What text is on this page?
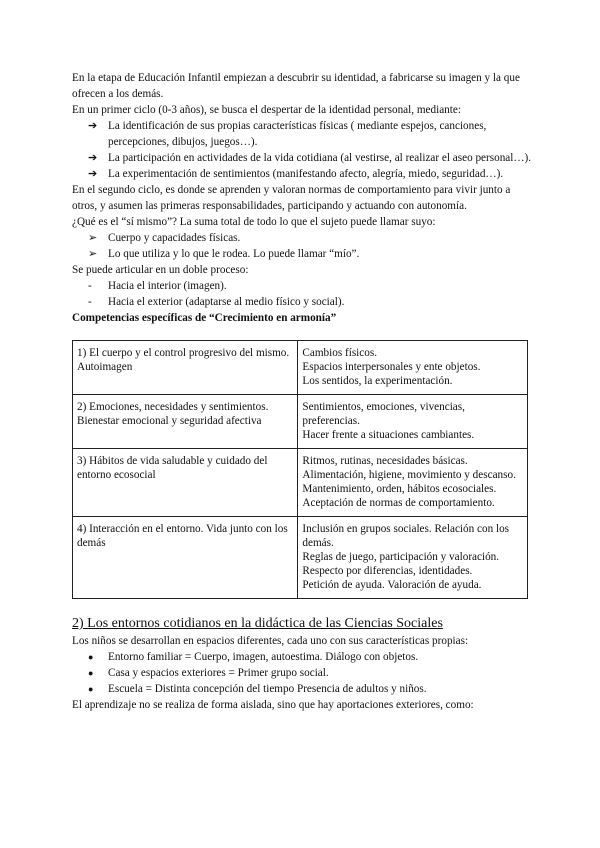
En la etapa de Educación Infantil empiezan a descubrir su identidad, a fabricarse su imagen y la que ofrecen a los demás.

En un primer ciclo (0-3 años), se busca el despertar de la identidad personal, mediante:

➔ La identificación de sus propias características físicas ( mediante espejos, canciones, percepciones, dibujos, juegos…).
➔ La participación en actividades de la vida cotidiana (al vestirse, al realizar el aseo personal…).
➔ La experimentación de sentimientos (manifestando afecto, alegría, miedo, seguridad…).

En el segundo ciclo, es donde se aprenden y valoran normas de comportamiento para vivir junto a otros, y asumen las primeras responsabilidades, participando y actuando con autonomía.

¿Qué es el “sí mismo”? La suma total de todo lo que el sujeto puede llamar suyo:

➢ Cuerpo y capacidades físicas.
➢ Lo que utiliza y lo que le rodea. Lo puede llamar “mío”.

Se puede articular en un doble proceso:

-	Hacia el interior (imagen).
-	Hacia el exterior (adaptarse al medio físico y social).

Competencias específicas de “Crecimiento en armonía”

1) El cuerpo y el control progresivo del mismo. Autoimagen	Cambios físicos.
Espacios interpersonales y ente objetos.
Los sentidos, la experimentación.

2) Emociones, necesidades y sentimientos. Bienestar emocional y seguridad afectiva	Sentimientos, emociones, vivencias, preferencias.
Hacer frente a situaciones cambiantes.

3) Hábitos de vida saludable y cuidado del entorno ecosocial	Ritmos, rutinas, necesidades básicas.
Alimentación, higiene, movimiento y descanso.
Mantenimiento, orden, hábitos ecosociales.
Aceptación de normas de comportamiento.

4) Interacción en el entorno. Vida junto con los demás	Inclusión en grupos sociales. Relación con los demás.
Reglas de juego, participación y valoración.
Respecto por diferencias, identidades.
Petición de ayuda. Valoración de ayuda.

2) Los entornos cotidianos en la didáctica de las Ciencias Sociales

Los niños se desarrollan en espacios diferentes, cada uno con sus características propias:

●	Entorno familiar = Cuerpo, imagen, autoestima. Diálogo con objetos.
●	Casa y espacios exteriores = Primer grupo social.
●	Escuela = Distinta concepción del tiempo Presencia de adultos y niños.

El aprendizaje no se realiza de forma aislada, sino que hay aportaciones exteriores, como:
